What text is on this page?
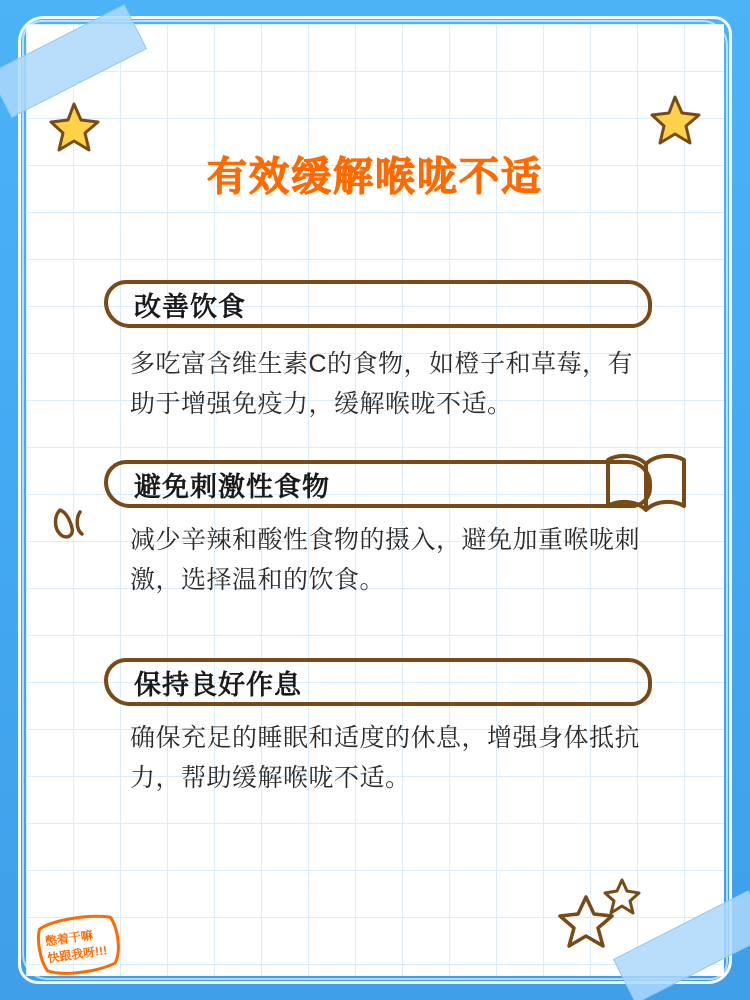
有效缓解喉咙不适
改善饮食
多吃富含维生素C的食物，如橙子和草莓，有助于增强免疫力，缓解喉咙不适。
避免刺激性食物
减少辛辣和酸性食物的摄入，避免加重喉咙刺激，选择温和的饮食。
保持良好作息
确保充足的睡眠和适度的休息，增强身体抵抗力，帮助缓解喉咙不适。
憋着干嘛
快跟我呀!!!
